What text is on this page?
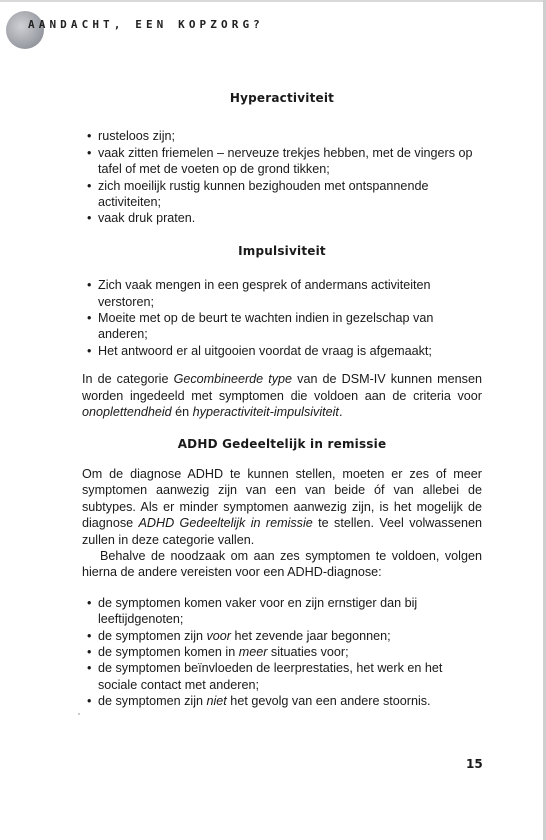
AANDACHT, EEN KOPZORG?
Hyperactiviteit
• rusteloos zijn;
• vaak zitten friemelen – nerveuze trekjes hebben, met de vingers op tafel of met de voeten op de grond tikken;
• zich moeilijk rustig kunnen bezighouden met ontspannende activiteiten;
• vaak druk praten.
Impulsiviteit
• Zich vaak mengen in een gesprek of andermans activiteiten verstoren;
• Moeite met op de beurt te wachten indien in gezelschap van anderen;
• Het antwoord er al uitgooien voordat de vraag is afgemaakt;

In de categorie Gecombineerde type van de DSM-IV kunnen mensen worden ingedeeld met symptomen die voldoen aan de criteria voor onoplettendheid én hyperactiviteit-impulsiviteit.

ADHD Gedeeltelijk in remissie

Om de diagnose ADHD te kunnen stellen, moeten er zes of meer symptomen aanwezig zijn van een van beide óf van allebei de subtypes. Als er minder symptomen aanwezig zijn, is het mogelijk de diagnose ADHD Gedeeltelijk in remissie te stellen. Veel volwassenen zullen in deze categorie vallen.

Behalve de noodzaak om aan zes symptomen te voldoen, volgen hierna de andere vereisten voor een ADHD-diagnose:

• de symptomen komen vaker voor en zijn ernstiger dan bij leeftijdgenoten;
• de symptomen zijn voor het zevende jaar begonnen;
• de symptomen komen in meer situaties voor;
• de symptomen beïnvloeden de leerprestaties, het werk en het sociale contact met anderen;
• de symptomen zijn niet het gevolg van een andere stoornis.
15
